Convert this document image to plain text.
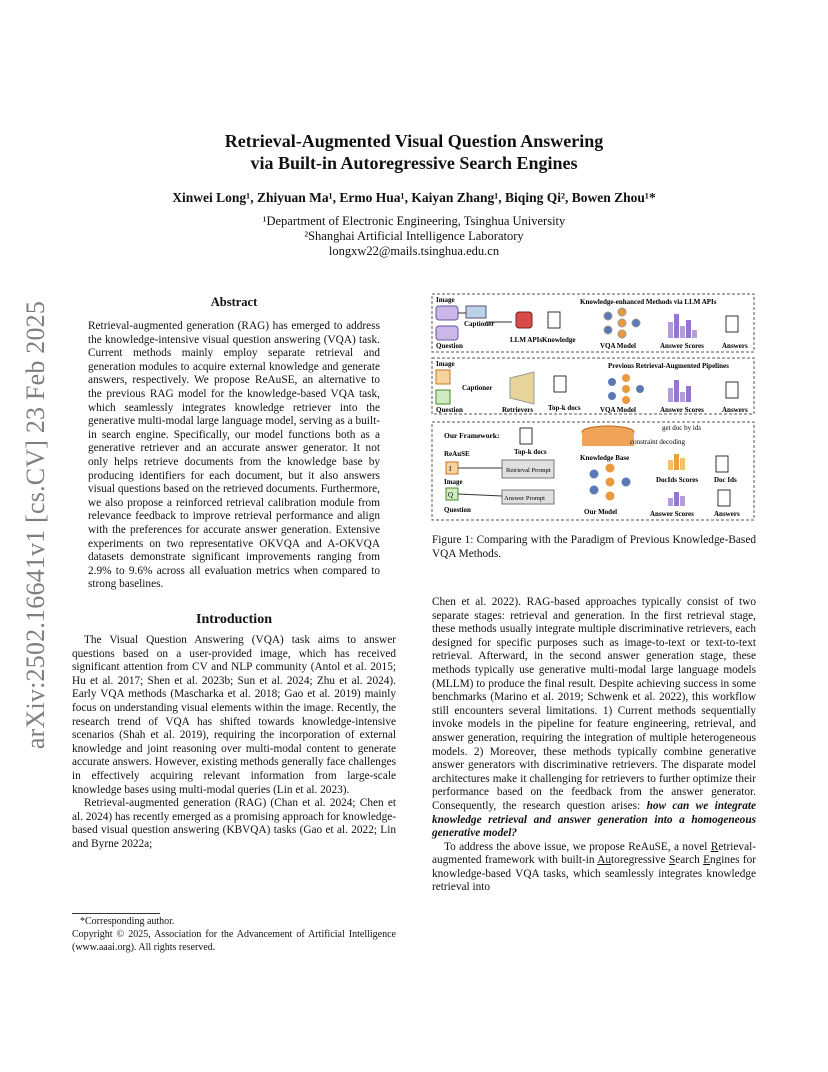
arXiv:2502.16641v1 [cs.CV] 23 Feb 2025
Retrieval-Augmented Visual Question Answering
via Built-in Autoregressive Search Engines
Xinwei Long¹, Zhiyuan Ma¹, Ermo Hua¹, Kaiyan Zhang¹, Biqing Qi², Bowen Zhou¹*
¹Department of Electronic Engineering, Tsinghua University
²Shanghai Artificial Intelligence Laboratory
longxw22@mails.tsinghua.edu.cn
Abstract
Retrieval-augmented generation (RAG) has emerged to address the knowledge-intensive visual question answering (VQA) task. Current methods mainly employ separate retrieval and generation modules to acquire external knowledge and generate answers, respectively. We propose ReAuSE, an alternative to the previous RAG model for the knowledge-based VQA task, which seamlessly integrates knowledge retriever into the generative multi-modal large language model, serving as a built-in search engine. Specifically, our model functions both as a generative retriever and an accurate answer generator. It not only helps retrieve documents from the knowledge base by producing identifiers for each document, but it also answers visual questions based on the retrieved documents. Furthermore, we also propose a reinforced retrieval calibration module from relevance feedback to improve retrieval performance and align with the preferences for accurate answer generation. Extensive experiments on two representative OKVQA and A-OKVQA datasets demonstrate significant improvements ranging from 2.9% to 9.6% across all evaluation metrics when compared to strong baselines.
Introduction

The Visual Question Answering (VQA) task aims to answer questions based on a user-provided image, which has received significant attention from CV and NLP community (Antol et al. 2015; Hu et al. 2017; Shen et al. 2023b; Sun et al. 2024; Zhu et al. 2024). Early VQA methods (Mascharka et al. 2018; Gao et al. 2019) mainly focus on understanding visual elements within the image. Recently, the research trend of VQA has shifted towards knowledge-intensive scenarios (Shah et al. 2019), requiring the incorporation of external knowledge and joint reasoning over multi-modal content to generate accurate answers. However, existing methods generally face challenges in effectively acquiring relevant information from large-scale knowledge bases using multi-modal queries (Lin et al. 2023).

Retrieval-augmented generation (RAG) (Chan et al. 2024; Chen et al. 2024) has recently emerged as a promising approach for knowledge-based visual question answering (KBVQA) tasks (Gao et al. 2022; Lin and Byrne 2022a;

*Corresponding author.
Copyright © 2025, Association for the Advancement of Artificial Intelligence (www.aaai.org). All rights reserved.
Image
Question
Captioner
LLM APIs Knowledge
Knowledge-enhanced Methods via LLM APIs
VQA Model	Answer Scores	Answers
Image
Question
Captioner
Retrievers Top-k docs
Previous Retrieval-Augmented Pipelines
VQA Model	Answer Scores	Answers
Our Framework:
ReAuSE
I
Image
Q
Question
Top-k docs
Retrieval Prompt
Answer Prompt
Knowledge Base
get doc by ids
constraint decoding
Our Model
DocIds Scores Doc Ids
Answer Scores	Answers
Figure 1: Comparing with the Paradigm of Previous Knowledge-Based VQA Methods.

Chen et al. 2022). RAG-based approaches typically consist of two separate stages: retrieval and generation. In the first retrieval stage, these methods usually integrate multiple discriminative retrievers, each designed for specific purposes such as image-to-text or text-to-text retrieval. Afterward, in the second answer generation stage, these methods typically use generative multi-modal large language models (MLLM) to produce the final result. Despite achieving success in some benchmarks (Marino et al. 2019; Schwenk et al. 2022), this workflow still encounters several limitations. 1) Current methods sequentially invoke models in the pipeline for feature engineering, retrieval, and answer generation, requiring the integration of multiple heterogeneous models. 2) Moreover, these methods typically combine generative answer generators with discriminative retrievers. The disparate model architectures make it challenging for retrievers to further optimize their performance based on the feedback from the answer generator. Consequently, the research question arises: how can we integrate knowledge retrieval and answer generation into a homogeneous generative model?

To address the above issue, we propose ReAuSE, a novel Retrieval-augmented framework with built-in Autoregressive Search Engines for knowledge-based VQA tasks, which seamlessly integrates knowledge retrieval into
